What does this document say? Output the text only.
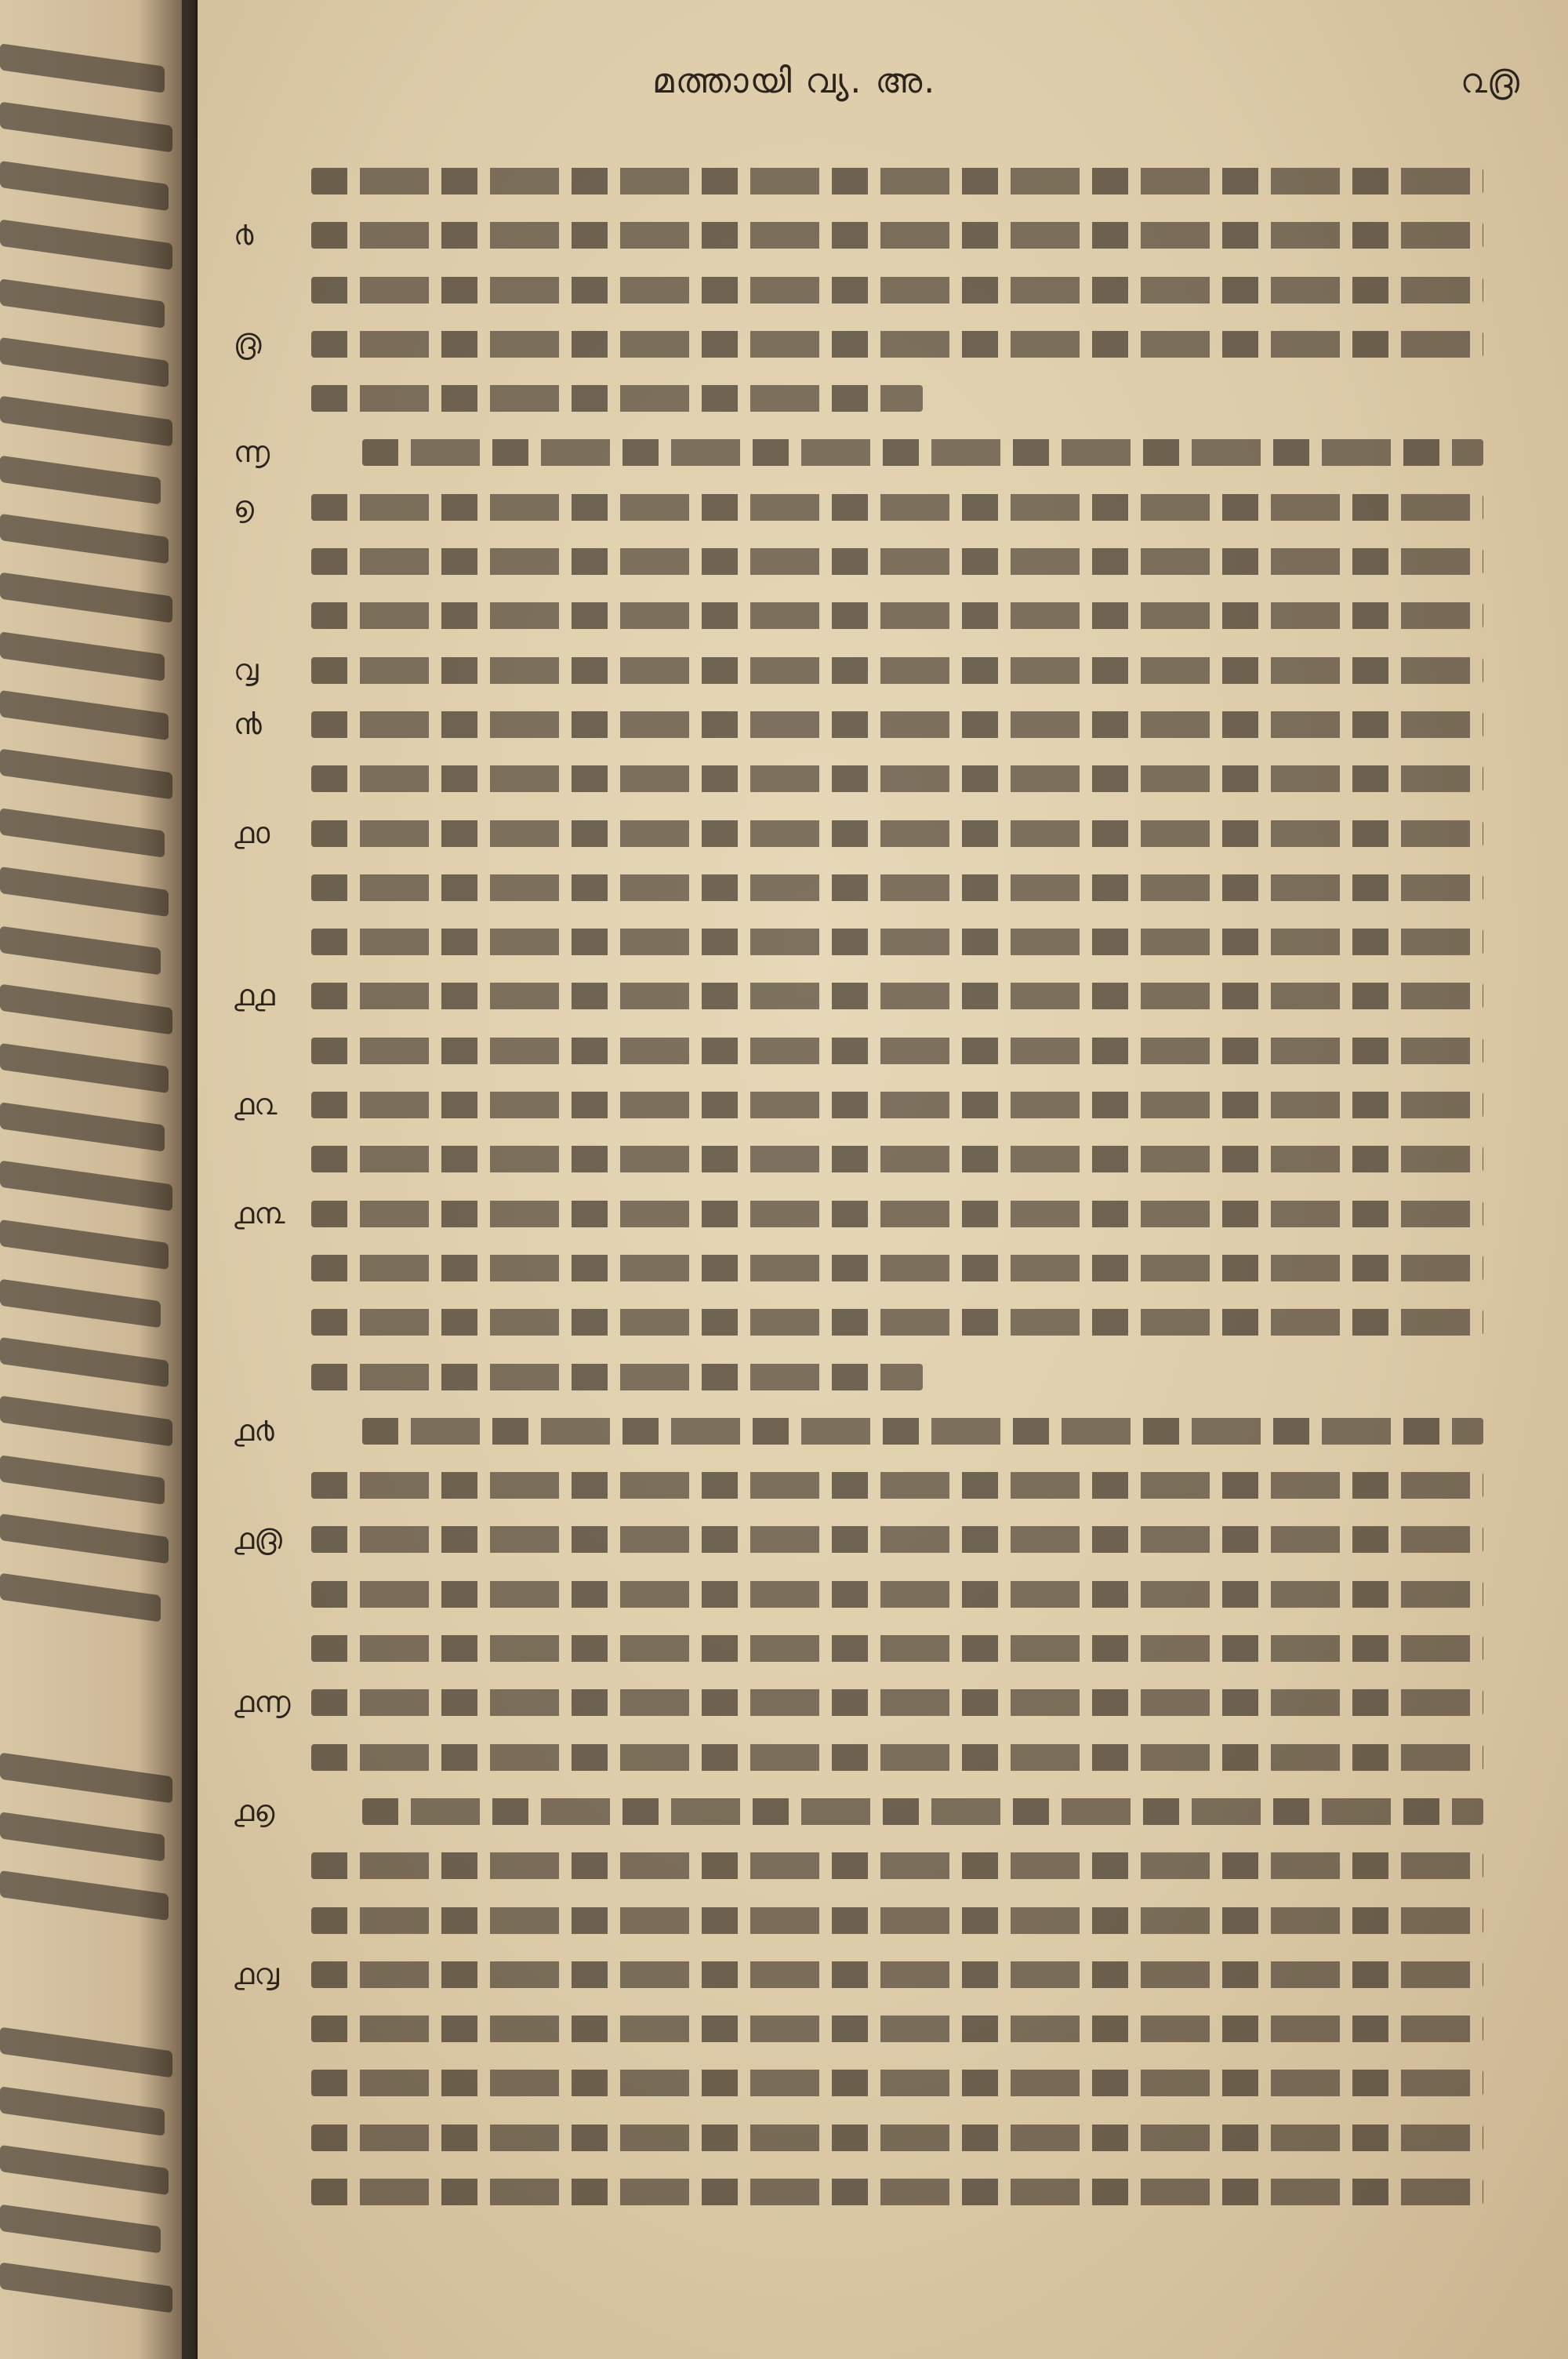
മത്തായി വ്യ. അ.	൨൫
൪
൫
൬
൭
൮
൯
൧൦
൧൧
൧൨
൧൩
൧൪
൧൫
൧൬
൧൭
൧൮
